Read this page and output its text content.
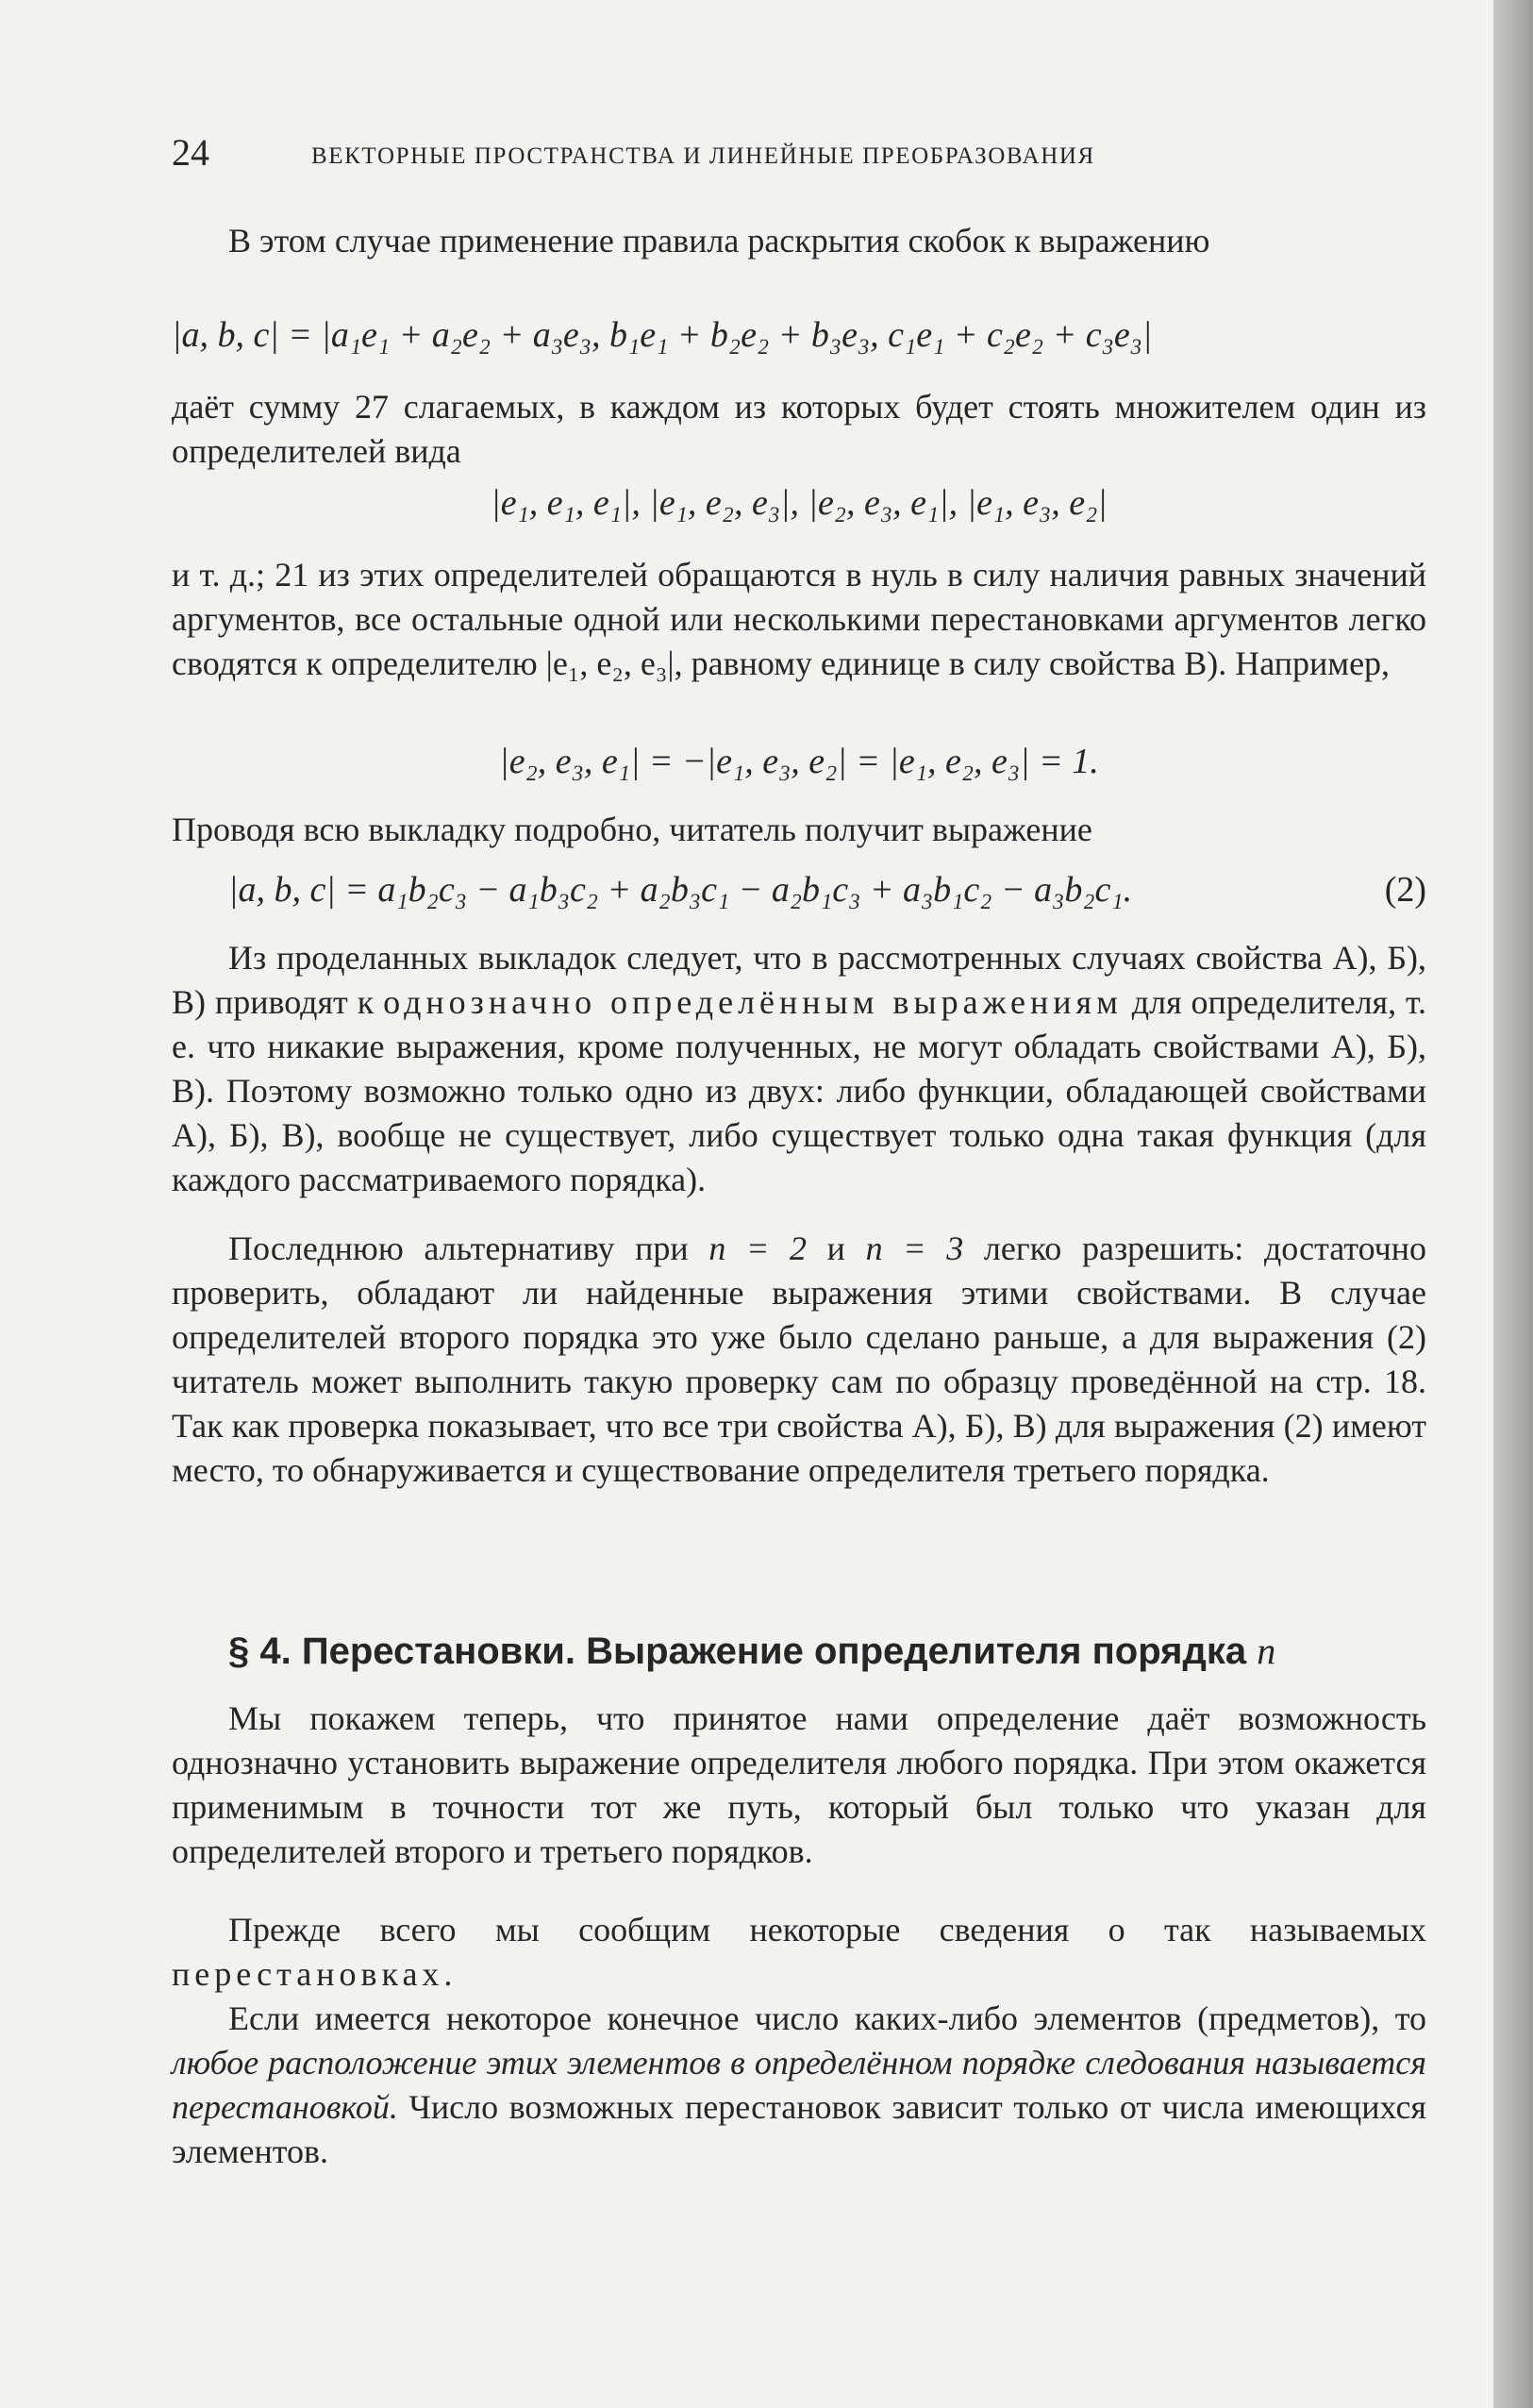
24	ВЕКТОРНЫЕ ПРОСТРАНСТВА И ЛИНЕЙНЫЕ ПРЕОБРАЗОВАНИЯ

В этом случае применение правила раскрытия скобок к выражению

|a, b, c| = |a₁e₁ + a₂e₂ + a₃e₃, b₁e₁ + b₂e₂ + b₃e₃, c₁e₁ + c₂e₂ + c₃e₃|

даёт сумму 27 слагаемых, в каждом из которых будет стоять множителем один из определителей вида

|e₁, e₁, e₁|, |e₁, e₂, e₃|, |e₂, e₃, e₁|, |e₁, e₃, e₂|

и т. д.; 21 из этих определителей обращаются в нуль в силу наличия равных значений аргументов, все остальные одной или несколькими перестановками аргументов легко сводятся к определителю |e₁, e₂, e₃|, равному единице в силу свойства В). Например,

|e₂, e₃, e₁| = −|e₁, e₃, e₂| = |e₁, e₂, e₃| = 1.

Проводя всю выкладку подробно, читатель получит выражение

|a, b, c| = a₁b₂c₃ − a₁b₃c₂ + a₂b₃c₁ − a₂b₁c₃ + a₃b₁c₂ − a₃b₂c₁.	(2)

Из проделанных выкладок следует, что в рассмотренных случаях свойства А), Б), В) приводят к однозначно определённым выражениям для определителя, т. е. что никакие выражения, кроме полученных, не могут обладать свойствами А), Б), В). Поэтому возможно только одно из двух: либо функции, обладающей свойствами А), Б), В), вообще не существует, либо существует только одна такая функция (для каждого рассматриваемого порядка).

Последнюю альтернативу при n = 2 и n = 3 легко разрешить: достаточно проверить, обладают ли найденные выражения этими свойствами. В случае определителей второго порядка это уже было сделано раньше, а для выражения (2) читатель может выполнить такую проверку сам по образцу проведённой на стр. 18. Так как проверка показывает, что все три свойства А), Б), В) для выражения (2) имеют место, то обнаруживается и существование определителя третьего порядка.

§ 4. Перестановки. Выражение определителя порядка n

Мы покажем теперь, что принятое нами определение даёт возможность однозначно установить выражение определителя любого порядка. При этом окажется применимым в точности тот же путь, который был только что указан для определителей второго и третьего порядков.

Прежде всего мы сообщим некоторые сведения о так называемых перестановках.

Если имеется некоторое конечное число каких-либо элементов (предметов), то любое расположение этих элементов в определённом порядке следования называется перестановкой. Число возможных перестановок зависит только от числа имеющихся элементов.
